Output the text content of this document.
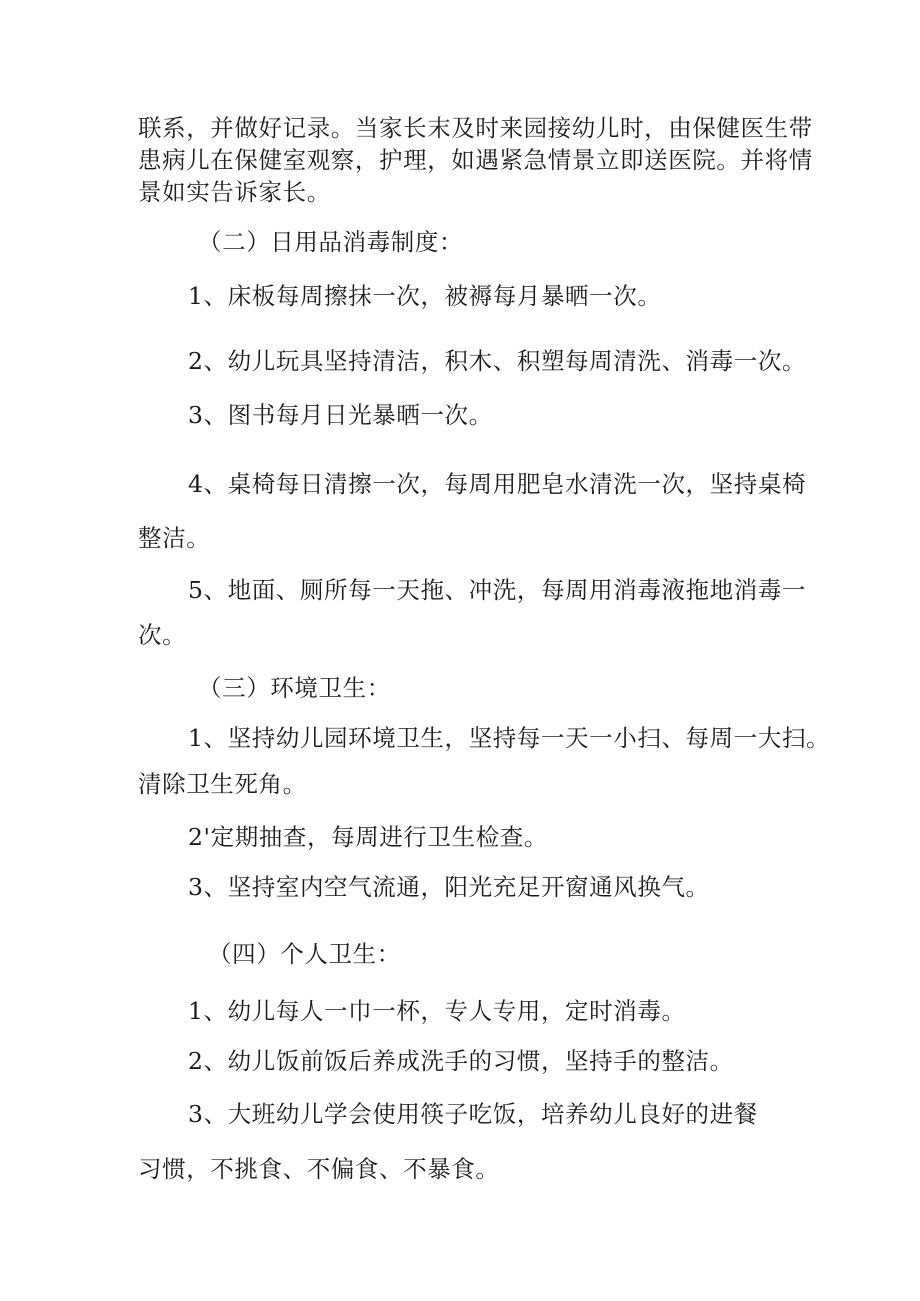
联系，并做好记录。当家长末及时来园接幼儿时，由保健医生带
患病儿在保健室观察，护理，如遇紧急情景立即送医院。并将情
景如实告诉家长。
（二）日用品消毒制度：
1、床板每周擦抹一次，被褥每月暴晒一次。
2、幼儿玩具坚持清洁，积木、积塑每周清洗、消毒一次。
3、图书每月日光暴晒一次。
4、桌椅每日清擦一次，每周用肥皂水清洗一次，坚持桌椅
整洁。
5、地面、厕所每一天拖、冲洗，每周用消毒液拖地消毒一
次。
（三）环境卫生：
1、坚持幼儿园环境卫生，坚持每一天一小扫、每周一大扫。
清除卫生死角。
2'定期抽查，每周进行卫生检查。
3、坚持室内空气流通，阳光充足开窗通风换气。
（四）个人卫生：
1、幼儿每人一巾一杯，专人专用，定时消毒。
2、幼儿饭前饭后养成洗手的习惯，坚持手的整洁。
3、大班幼儿学会使用筷子吃饭，培养幼儿良好的进餐
习惯，不挑食、不偏食、不暴食。
